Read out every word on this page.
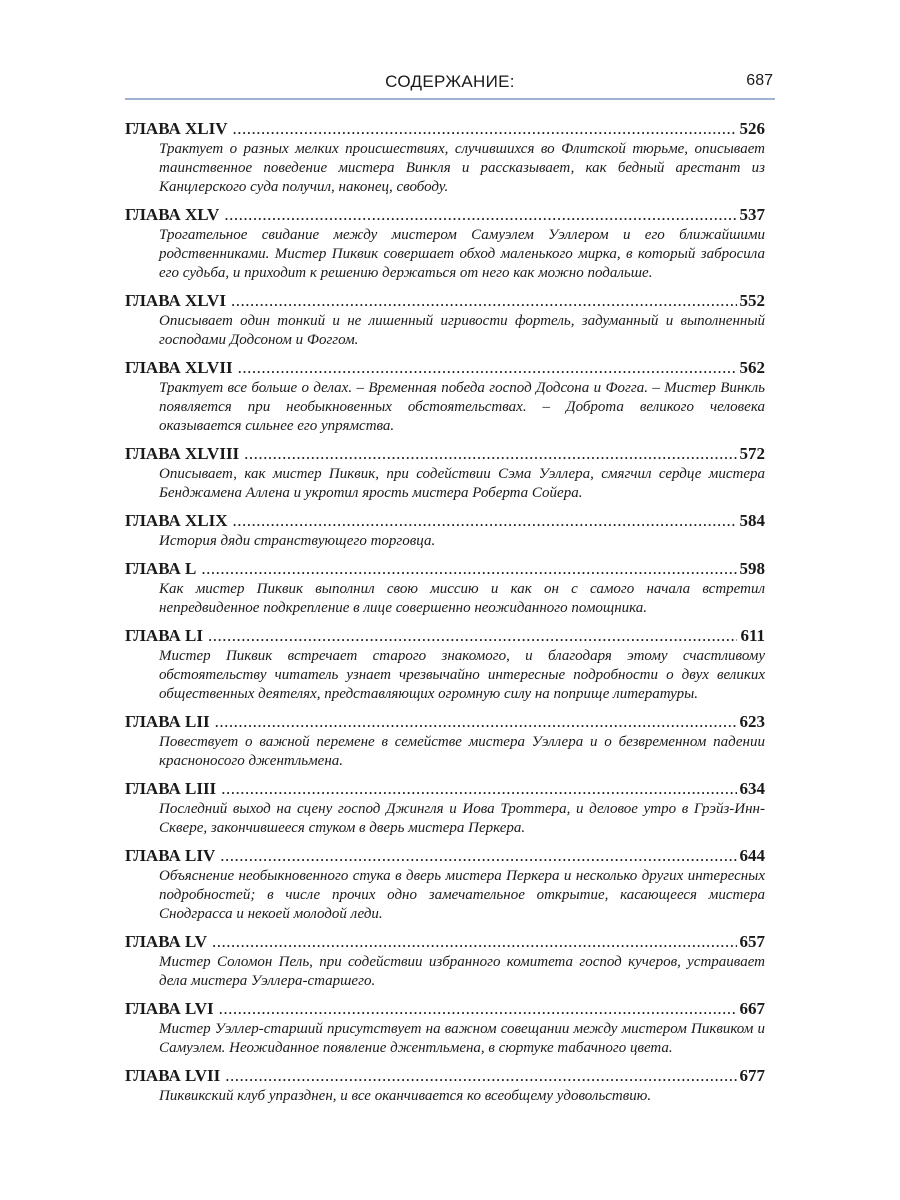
СОДЕРЖАНИЕ:	687
ГЛАВА XLIV .....	526
Трактует о разных мелких происшествиях, случившихся во Флитской тюрьме, описывает таинственное поведение мистера Винкля и рассказывает, как бедный арестант из Канцлерского суда получил, наконец, свободу.
ГЛАВА XLV .....	537
Трогательное свидание между мистером Самуэлем Уэллером и его ближайшими родственниками. Мистер Пиквик совершает обход маленького мирка, в который забросила его судьба, и приходит к решению держаться от него как можно подальше.
ГЛАВА XLVI .....	552
Описывает один тонкий и не лишенный игривости фортель, задуманный и выполненный господами Додсоном и Фоггом.
ГЛАВА XLVII .....	562
Трактует все больше о делах. – Временная победа господ Додсона и Фогга. – Мистер Винкль появляется при необыкновенных обстоятельствах. – Доброта великого человека оказывается сильнее его упрямства.
ГЛАВА XLVIII .....	572
Описывает, как мистер Пиквик, при содействии Сэма Уэллера, смягчил сердце мистера Бенджамена Аллена и укротил ярость мистера Роберта Сойера.
ГЛАВА XLIX .....	584
История дяди странствующего торговца.
ГЛАВА L .....	598
Как мистер Пиквик выполнил свою миссию и как он с самого начала встретил непредвиденное подкрепление в лице совершенно неожиданного помощника.
ГЛАВА LI .....	611
Мистер Пиквик встречает старого знакомого, и благодаря этому счастливому обстоятельству читатель узнает чрезвычайно интересные подробности о двух великих общественных деятелях, представляющих огромную силу на поприще литературы.
ГЛАВА LII .....	623
Повествует о важной перемене в семействе мистера Уэллера и о безвременном падении красноносого джентльмена.
ГЛАВА LIII .....	634
Последний выход на сцену господ Джингля и Иова Троттера, и деловое утро в Грэйз-Инн-Сквере, закончившееся стуком в дверь мистера Перкера.
ГЛАВА LIV .....	644
Объяснение необыкновенного стука в дверь мистера Перкера и несколько других интересных подробностей; в числе прочих одно замечательное открытие, касающееся мистера Снодграсса и некоей молодой леди.
ГЛАВА LV .....	657
Мистер Соломон Пель, при содействии избранного комитета господ кучеров, устраивает дела мистера Уэллера-старшего.
ГЛАВА LVI .....	667
Мистер Уэллер-старший присутствует на важном совещании между мистером Пиквиком и Самуэлем. Неожиданное появление джентльмена, в сюртуке табачного цвета.
ГЛАВА LVII .....	677
Пиквикский клуб упразднен, и все оканчивается ко всеобщему удовольствию.
